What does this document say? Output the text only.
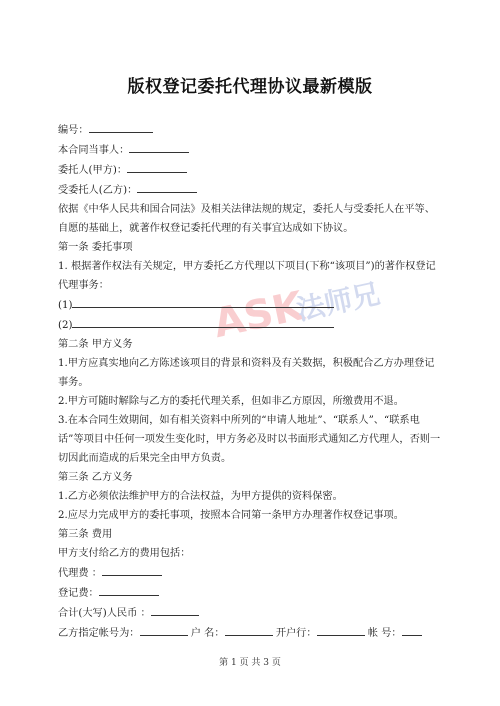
版权登记委托代理协议最新模版
ASK
法师兄
编号：
本合同当事人：
委托人(甲方)：
受委托人(乙方)：
依据《中华人民共和国合同法》及相关法律法规的规定，委托人与受委托人在平等、自愿的基础上，就著作权登记委托代理的有关事宜达成如下协议。
第一条 委托事项
1. 根据著作权法有关规定，甲方委托乙方代理以下项目(下称“该项目”)的著作权登记代理事务：
(1)
(2)
第二条 甲方义务
1.甲方应真实地向乙方陈述该项目的背景和资料及有关数据，积极配合乙方办理登记事务。
2.甲方可随时解除与乙方的委托代理关系，但如非乙方原因，所缴费用不退。
3.在本合同生效期间，如有相关资料中所列的“申请人地址”、“联系人”、“联系电话”等项目中任何一项发生变化时，甲方务必及时以书面形式通知乙方代理人，否则一切因此而造成的后果完全由甲方负责。
第三条 乙方义务
1.乙方必须依法维护甲方的合法权益，为甲方提供的资料保密。
2.应尽力完成甲方的委托事项，按照本合同第一条甲方办理著作权登记事项。
第三条 费用
甲方支付给乙方的费用包括：
代理费 ：
登记费：
合计(大写)人民币 ：
乙方指定帐号为：	户 名：	开户行：	帐 号：
第 1 页 共 3 页
